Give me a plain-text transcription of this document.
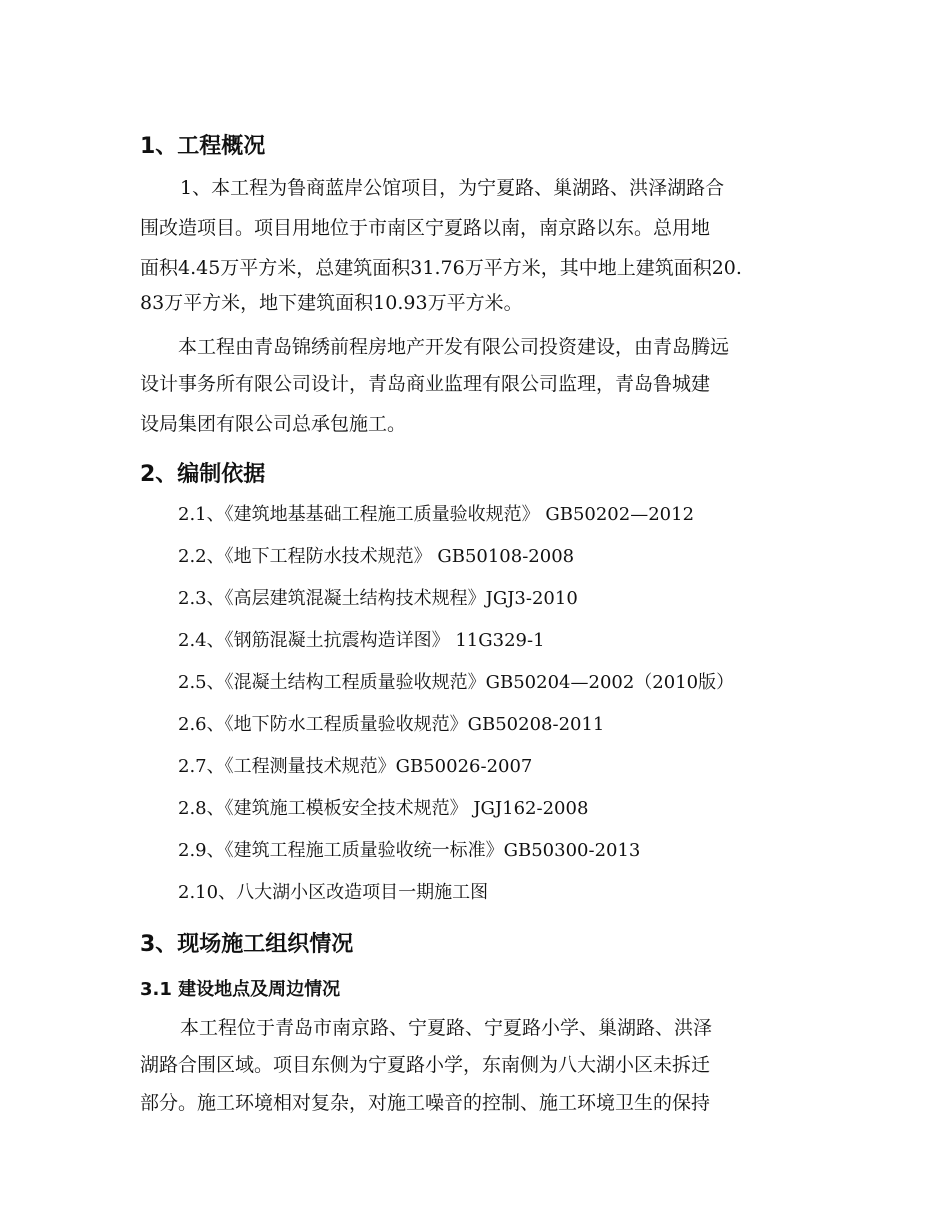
1、工程概况
1、本工程为鲁商蓝岸公馆项目，为宁夏路、巢湖路、洪泽湖路合
围改造项目。项目用地位于市南区宁夏路以南，南京路以东。总用地
面积4.45万平方米，总建筑面积31.76万平方米，其中地上建筑面积20.
83万平方米，地下建筑面积10.93万平方米。
本工程由青岛锦绣前程房地产开发有限公司投资建设，由青岛腾远
设计事务所有限公司设计，青岛商业监理有限公司监理，青岛鲁城建
设局集团有限公司总承包施工。
2、编制依据
2.1、《建筑地基基础工程施工质量验收规范》 GB50202—2012
2.2、《地下工程防水技术规范》 GB50108-2008
2.3、《高层建筑混凝土结构技术规程》JGJ3-2010
2.4、《钢筋混凝土抗震构造详图》 11G329-1
2.5、《混凝土结构工程质量验收规范》GB50204—2002（2010版）
2.6、《地下防水工程质量验收规范》GB50208-2011
2.7、《工程测量技术规范》GB50026-2007
2.8、《建筑施工模板安全技术规范》 JGJ162-2008
2.9、《建筑工程施工质量验收统一标准》GB50300-2013
2.10、八大湖小区改造项目一期施工图
3、现场施工组织情况
3.1 建设地点及周边情况
本工程位于青岛市南京路、宁夏路、宁夏路小学、巢湖路、洪泽
湖路合围区域。项目东侧为宁夏路小学，东南侧为八大湖小区未拆迁
部分。施工环境相对复杂，对施工噪音的控制、施工环境卫生的保持
